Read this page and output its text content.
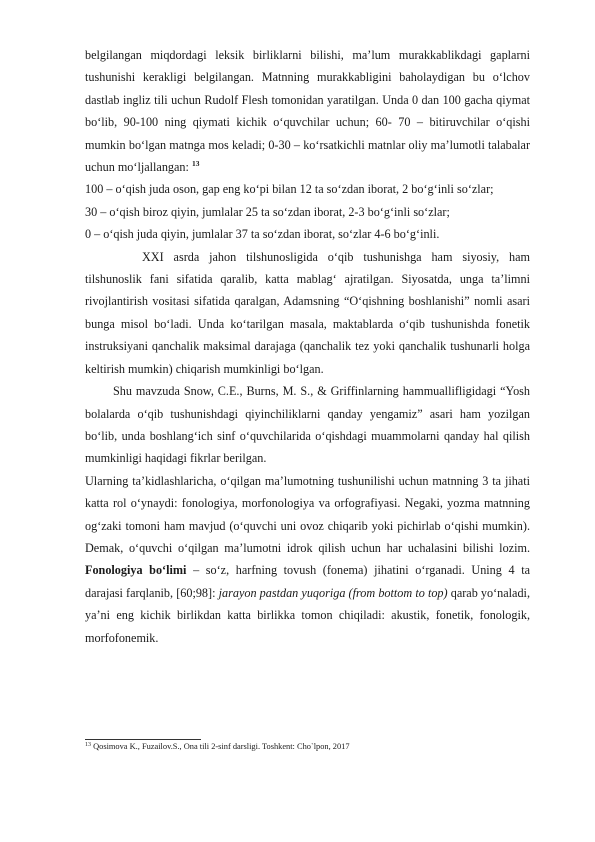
belgilangan miqdordagi leksik birliklarni bilishi, ma’lum murakkablikdagi gaplarni tushunishi kerakligi belgilangan. Matnning murakkabligini baholaydigan bu o‘lchov dastlab ingliz tili uchun Rudolf Flesh tomonidan yaratilgan. Unda 0 dan 100 gacha qiymat bo‘lib, 90-100 ning qiymati kichik o‘quvchilar uchun; 60- 70 – bitiruvchilar o‘qishi mumkin bo‘lgan matnga mos keladi; 0-30 – ko‘rsatkichli matnlar oliy ma’lumotli talabalar uchun mo‘ljallangan: $^{13}$

100 – o‘qish juda oson, gap eng ko‘pi bilan 12 ta so‘zdan iborat, 2 bo‘g‘inli so‘zlar;

30 – o‘qish biroz qiyin, jumlalar 25 ta so‘zdan iborat, 2-3 bo‘g‘inli so‘zlar;

0 – o‘qish juda qiyin, jumlalar 37 ta so‘zdan iborat, so‘zlar 4-6 bo‘g‘inli.

XXI asrda jahon tilshunosligida o‘qib tushunishga ham siyosiy, ham tilshunoslik fani sifatida qaralib, katta mablag‘ ajratilgan. Siyosatda, unga ta’limni rivojlantirish vositasi sifatida qaralgan, Adamsning “O‘qishning boshlanishi” nomli asari bunga misol bo‘ladi. Unda ko‘tarilgan masala, maktablarda o‘qib tushunishda fonetik instruksiyani qanchalik maksimal darajaga (qanchalik tez yoki qanchalik tushunarli holga keltirish mumkin) chiqarish mumkinligi bo‘lgan.

Shu mavzuda Snow, C.E., Burns, M. S., & Griffinlarning hammuallifligidagi “Yosh bolalarda o‘qib tushunishdagi qiyinchiliklarni qanday yengamiz” asari ham yozilgan bo‘lib, unda boshlang‘ich sinf o‘quvchilarida o‘qishdagi muammolarni qanday hal qilish mumkinligi haqidagi fikrlar berilgan.

Ularning ta’kidlashlaricha, o‘qilgan ma’lumotning tushunilishi uchun matnning 3 ta jihati katta rol o‘ynaydi: fonologiya, morfonologiya va orfografiyasi. Negaki, yozma matnning og‘zaki tomoni ham mavjud (o‘quvchi uni ovoz chiqarib yoki pichirlab o‘qishi mumkin). Demak, o‘quvchi o‘qilgan ma’lumotni idrok qilish uchun har uchalasini bilishi lozim. Fonologiya bo‘limi – so‘z, harfning tovush (fonema) jihatini o‘rganadi. Uning 4 ta darajasi farqlanib, [60;98]: jarayon pastdan yuqoriga (from bottom to top) qarab yo‘naladi, ya’ni eng kichik birlikdan katta birlikka tomon chiqiladi: akustik, fonetik, fonologik, morfofonemik.

$^{13}$ Qosimova K., Fuzailov.S., Ona tili 2-sinf darsligi. Toshkent: Cho`lpon, 2017
